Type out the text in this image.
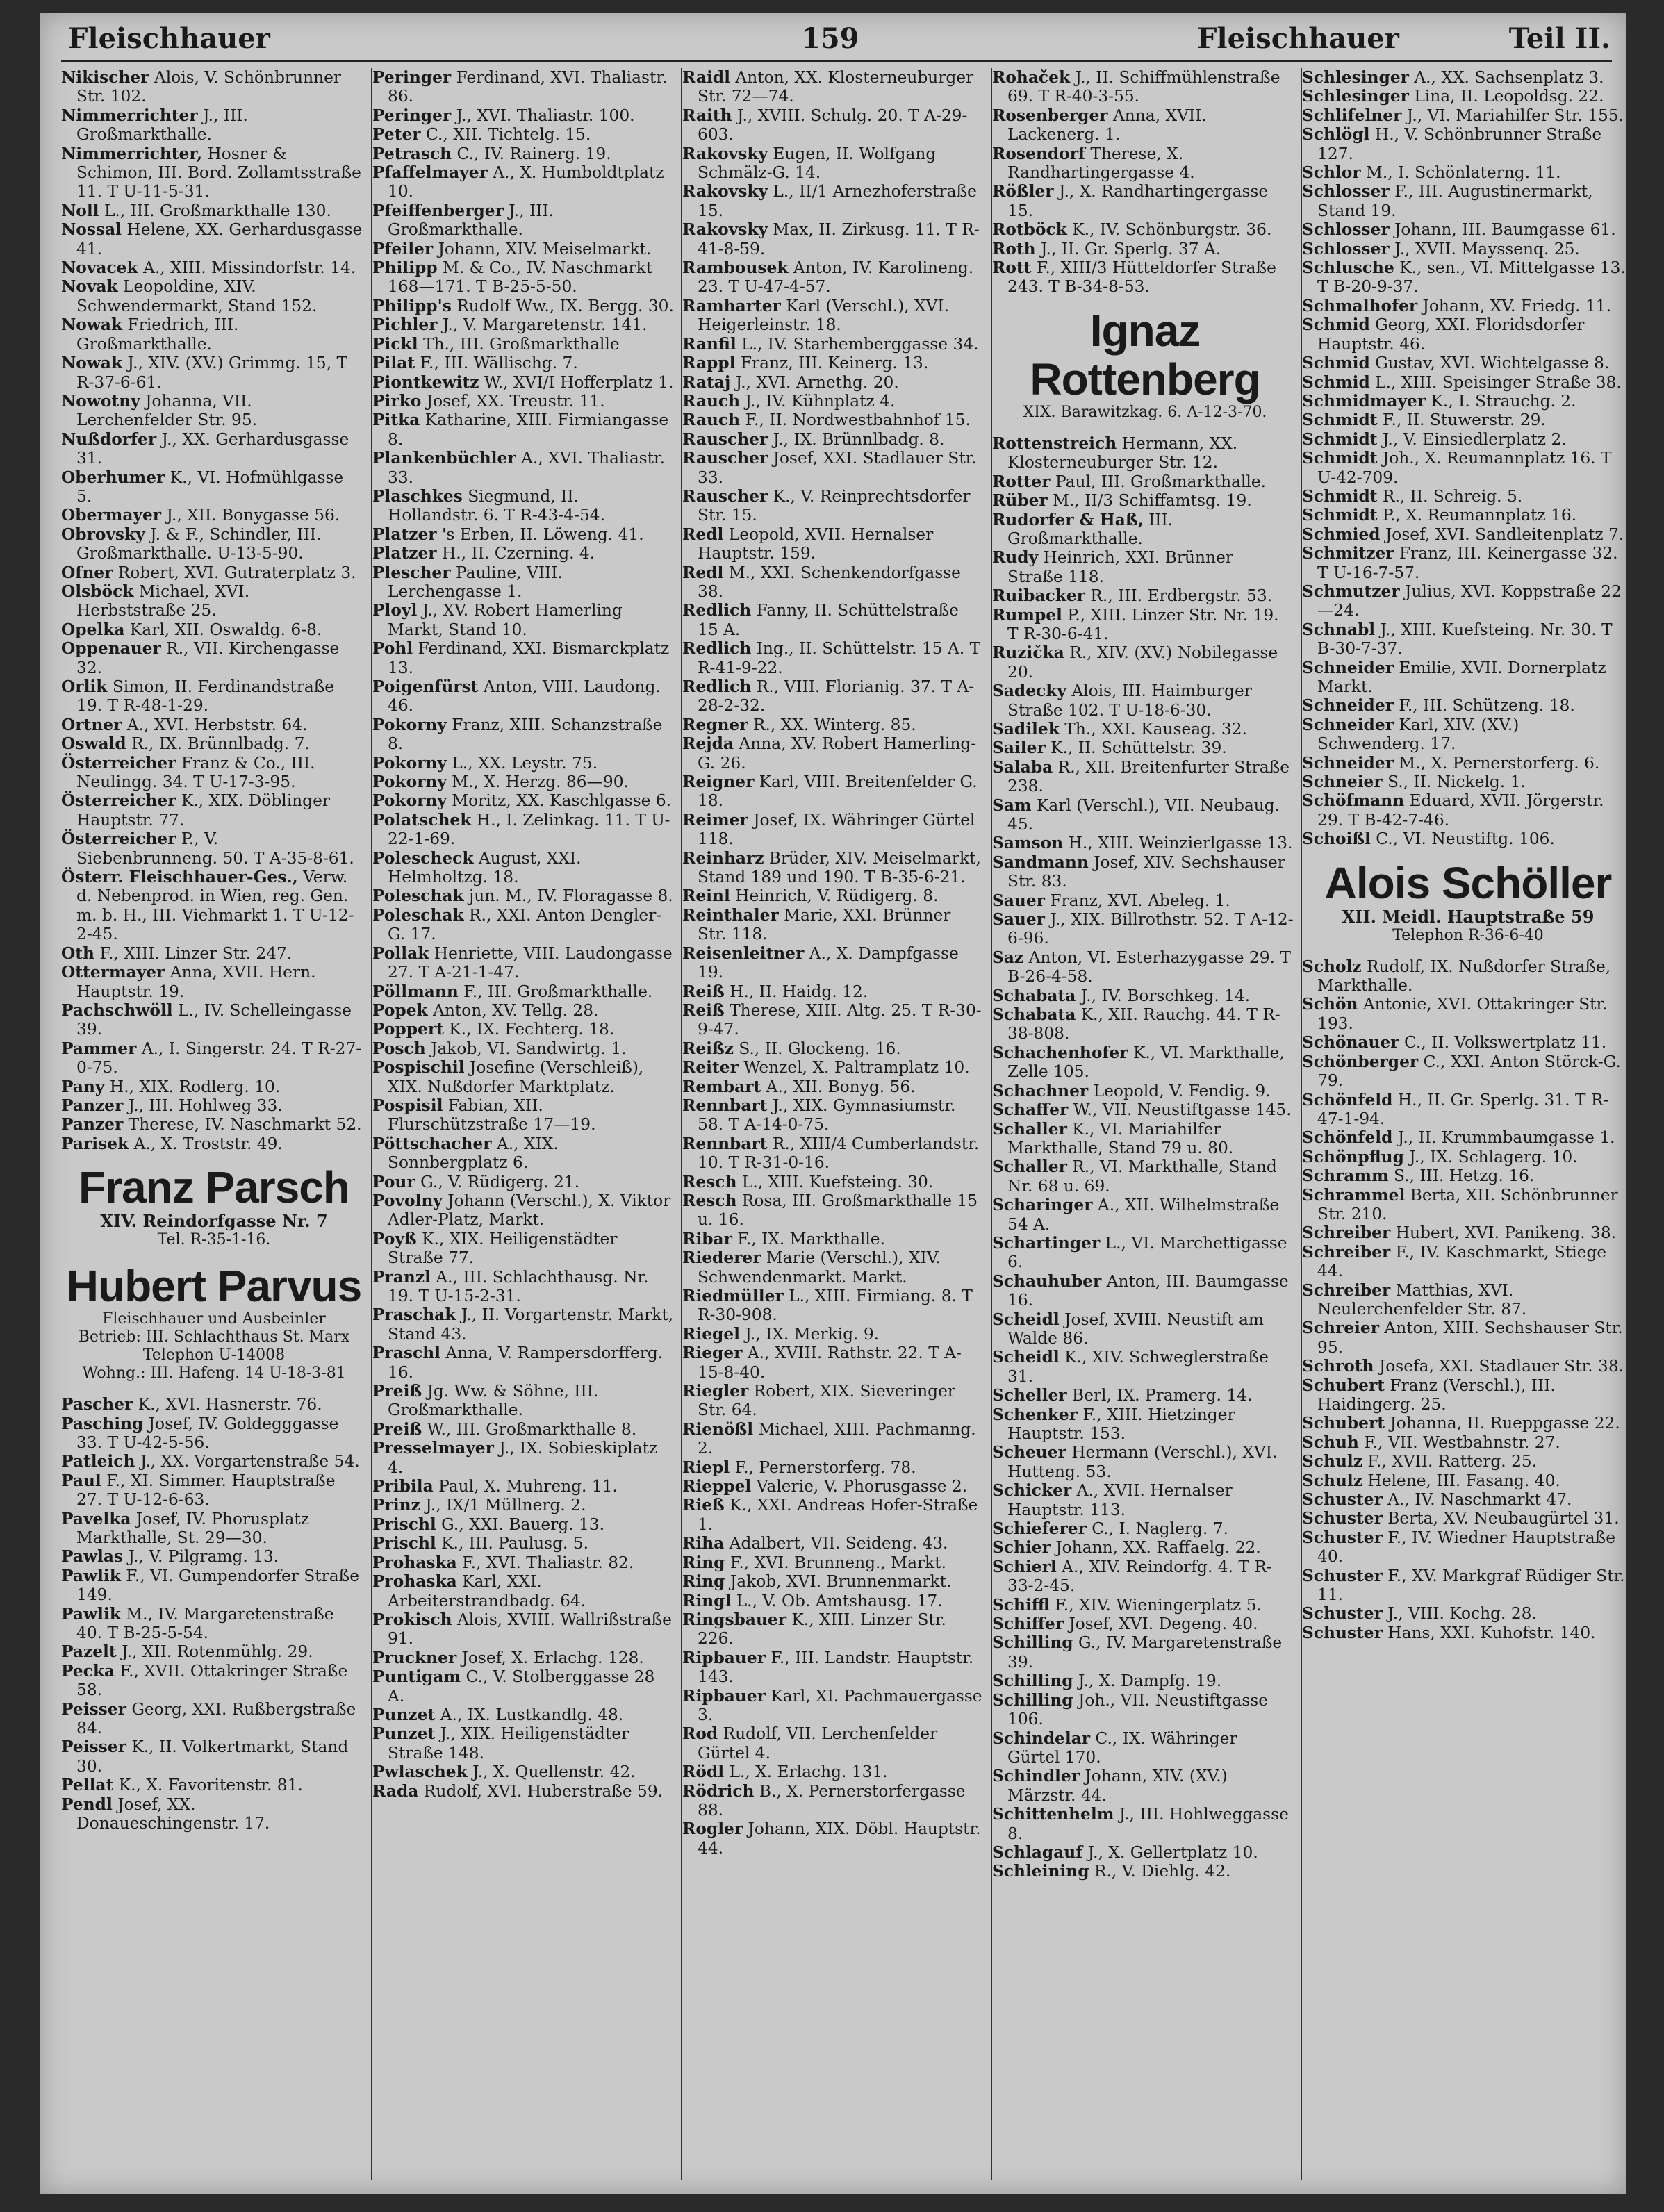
Fleischhauer	159	Fleischhauer	Teil II.

Nikischer Alois, V. Schönbrunner Str. 102.

Nimmerrichter J., III. Großmarkthalle.

Nimmerrichter, Hosner & Schimon, III. Bord. Zollamtsstraße 11. T U-11-5-31.

Noll L., III. Großmarkthalle 130.

Nossal Helene, XX. Gerhardusgasse 41.

Novacek A., XIII. Missindorfstr. 14.

Novak Leopoldine, XIV. Schwendermarkt, Stand 152.

Nowak Friedrich, III. Großmarkthalle.

Nowak J., XIV. (XV.) Grimmg. 15, T R-37-6-61.

Nowotny Johanna, VII. Lerchenfelder Str. 95.

Nußdorfer J., XX. Gerhardusgasse 31.

Oberhumer K., VI. Hofmühlgasse 5.

Obermayer J., XII. Bonygasse 56.

Obrovsky J. & F., Schindler, III. Großmarkthalle. U-13-5-90.

Ofner Robert, XVI. Gutraterplatz 3.

Olsböck Michael, XVI. Herbststraße 25.

Opelka Karl, XII. Oswaldg. 6-8.

Oppenauer R., VII. Kirchengasse 32.

Orlik Simon, II. Ferdinandstraße 19. T R-48-1-29.

Ortner A., XVI. Herbststr. 64.

Oswald R., IX. Brünnlbadg. 7.

Österreicher Franz & Co., III. Neulingg. 34. T U-17-3-95.

Österreicher K., XIX. Döblinger Hauptstr. 77.

Österreicher P., V. Siebenbrunneng. 50. T A-35-8-61.

Österr. Fleischhauer-Ges., Verw. d. Nebenprod. in Wien, reg. Gen. m. b. H., III. Viehmarkt 1. T U-12-2-45.

Oth F., XIII. Linzer Str. 247.

Ottermayer Anna, XVII. Hern. Hauptstr. 19.

Pachschwöll L., IV. Schelleingasse 39.

Pammer A., I. Singerstr. 24. T R-27-0-75.

Pany H., XIX. Rodlerg. 10.

Panzer J., III. Hohlweg 33.

Panzer Therese, IV. Naschmarkt 52.

Parisek A., X. Troststr. 49.

Franz Parsch
XIV. Reindorfgasse Nr. 7
Tel. R-35-1-16.
Hubert Parvus
Fleischhauer und Ausbeinler
Betrieb: III. Schlachthaus St. Marx
Telephon U-14008
Wohng.: III. Hafeng. 14 U-18-3-81

Pascher K., XVI. Hasnerstr. 76.

Pasching Josef, IV. Goldegggasse 33. T U-42-5-56.

Patleich J., XX. Vorgartenstraße 54.

Paul F., XI. Simmer. Hauptstraße 27. T U-12-6-63.

Pavelka Josef, IV. Phorusplatz Markthalle, St. 29—30.

Pawlas J., V. Pilgramg. 13.

Pawlik F., VI. Gumpendorfer Straße 149.

Pawlik M., IV. Margaretenstraße 40. T B-25-5-54.

Pazelt J., XII. Rotenmühlg. 29.

Pecka F., XVII. Ottakringer Straße 58.

Peisser Georg, XXI. Rußbergstraße 84.

Peisser K., II. Volkertmarkt, Stand 30.

Pellat K., X. Favoritenstr. 81.

Pendl Josef, XX. Donaueschingenstr. 17.

Peringer Ferdinand, XVI. Thaliastr. 86.

Peringer J., XVI. Thaliastr. 100.

Peter C., XII. Tichtelg. 15.

Petrasch C., IV. Rainerg. 19.

Pfaffelmayer A., X. Humboldtplatz 10.

Pfeiffenberger J., III. Großmarkthalle.

Pfeiler Johann, XIV. Meiselmarkt.

Philipp M. & Co., IV. Naschmarkt 168—171. T B-25-5-50.

Philipp's Rudolf Ww., IX. Bergg. 30.

Pichler J., V. Margaretenstr. 141.

Pickl Th., III. Großmarkthalle

Pilat F., III. Wällischg. 7.

Piontkewitz W., XVI/I Hofferplatz 1.

Pirko Josef, XX. Treustr. 11.

Pitka Katharine, XIII. Firmiangasse 8.

Plankenbüchler A., XVI. Thaliastr. 33.

Plaschkes Siegmund, II. Hollandstr. 6. T R-43-4-54.

Platzer 's Erben, II. Löweng. 41.

Platzer H., II. Czerning. 4.

Plescher Pauline, VIII. Lerchengasse 1.

Ployl J., XV. Robert Hamerling Markt, Stand 10.

Pohl Ferdinand, XXI. Bismarckplatz 13.

Poigenfürst Anton, VIII. Laudong. 46.

Pokorny Franz, XIII. Schanzstraße 8.

Pokorny L., XX. Leystr. 75.

Pokorny M., X. Herzg. 86—90.

Pokorny Moritz, XX. Kaschlgasse 6.

Polatschek H., I. Zelinkag. 11. T U-22-1-69.

Polescheck August, XXI. Helmholtzg. 18.

Poleschak jun. M., IV. Floragasse 8.

Poleschak R., XXI. Anton Dengler-G. 17.

Pollak Henriette, VIII. Laudongasse 27. T A-21-1-47.

Pöllmann F., III. Großmarkthalle.

Popek Anton, XV. Tellg. 28.

Poppert K., IX. Fechterg. 18.

Posch Jakob, VI. Sandwirtg. 1.

Pospischil Josefine (Verschleiß), XIX. Nußdorfer Marktplatz.

Pospisil Fabian, XII. Flurschützstraße 17—19.

Pöttschacher A., XIX. Sonnbergplatz 6.

Pour G., V. Rüdigerg. 21.

Povolny Johann (Verschl.), X. Viktor Adler-Platz, Markt.

Poyß K., XIX. Heiligenstädter Straße 77.

Pranzl A., III. Schlachthausg. Nr. 19. T U-15-2-31.

Praschak J., II. Vorgartenstr. Markt, Stand 43.

Praschl Anna, V. Rampersdorfferg. 16.

Preiß Jg. Ww. & Söhne, III. Großmarkthalle.

Preiß W., III. Großmarkthalle 8.

Presselmayer J., IX. Sobieskiplatz 4.

Pribila Paul, X. Muhreng. 11.

Prinz J., IX/1 Müllnerg. 2.

Prischl G., XXI. Bauerg. 13.

Prischl K., III. Paulusg. 5.

Prohaska F., XVI. Thaliastr. 82.

Prohaska Karl, XXI. Arbeiterstrandbadg. 64.

Prokisch Alois, XVIII. Wallrißstraße 91.

Pruckner Josef, X. Erlachg. 128.

Puntigam C., V. Stolberggasse 28 A.

Punzet A., IX. Lustkandlg. 48.

Punzet J., XIX. Heiligenstädter Straße 148.

Pwlaschek J., X. Quellenstr. 42.

Rada Rudolf, XVI. Huberstraße 59.

Raidl Anton, XX. Klosterneuburger Str. 72—74.

Raith J., XVIII. Schulg. 20. T A-29-603.

Rakovsky Eugen, II. Wolfgang Schmälz-G. 14.

Rakovsky L., II/1 Arnezhoferstraße 15.

Rakovsky Max, II. Zirkusg. 11. T R-41-8-59.

Rambousek Anton, IV. Karolineng. 23. T U-47-4-57.

Ramharter Karl (Verschl.), XVI. Heigerleinstr. 18.

Ranfil L., IV. Starhemberggasse 34.

Rappl Franz, III. Keinerg. 13.

Rataj J., XVI. Arnethg. 20.

Rauch J., IV. Kühnplatz 4.

Rauch F., II. Nordwestbahnhof 15.

Rauscher J., IX. Brünnlbadg. 8.

Rauscher Josef, XXI. Stadlauer Str. 33.

Rauscher K., V. Reinprechtsdorfer Str. 15.

Redl Leopold, XVII. Hernalser Hauptstr. 159.

Redl M., XXI. Schenkendorfgasse 38.

Redlich Fanny, II. Schüttelstraße 15 A.

Redlich Ing., II. Schüttelstr. 15 A. T R-41-9-22.

Redlich R., VIII. Florianig. 37. T A-28-2-32.

Regner R., XX. Winterg. 85.

Rejda Anna, XV. Robert Hamerling-G. 26.

Reigner Karl, VIII. Breitenfelder G. 18.

Reimer Josef, IX. Währinger Gürtel 118.

Reinharz Brüder, XIV. Meiselmarkt, Stand 189 und 190. T B-35-6-21.

Reinl Heinrich, V. Rüdigerg. 8.

Reinthaler Marie, XXI. Brünner Str. 118.

Reisenleitner A., X. Dampfgasse 19.

Reiß H., II. Haidg. 12.

Reiß Therese, XIII. Altg. 25. T R-30-9-47.

Reißz S., II. Glockeng. 16.

Reiter Wenzel, X. Paltramplatz 10.

Rembart A., XII. Bonyg. 56.

Rennbart J., XIX. Gymnasiumstr. 58. T A-14-0-75.

Rennbart R., XIII/4 Cumberlandstr. 10. T R-31-0-16.

Resch L., XIII. Kuefsteing. 30.

Resch Rosa, III. Großmarkthalle 15 u. 16.

Ribar F., IX. Markthalle.

Riederer Marie (Verschl.), XIV. Schwendenmarkt. Markt.

Riedmüller L., XIII. Firmiang. 8. T R-30-908.

Riegel J., IX. Merkig. 9.

Rieger A., XVIII. Rathstr. 22. T A-15-8-40.

Riegler Robert, XIX. Sieveringer Str. 64.

Rienößl Michael, XIII. Pachmanng. 2.

Riepl F., Pernerstorferg. 78.

Rieppel Valerie, V. Phorusgasse 2.

Rieß K., XXI. Andreas Hofer-Straße 1.

Riha Adalbert, VII. Seideng. 43.

Ring F., XVI. Brunneng., Markt.

Ring Jakob, XVI. Brunnenmarkt.

Ringl L., V. Ob. Amtshausg. 17.

Ringsbauer K., XIII. Linzer Str. 226.

Ripbauer F., III. Landstr. Hauptstr. 143.

Ripbauer Karl, XI. Pachmauergasse 3.

Rod Rudolf, VII. Lerchenfelder Gürtel 4.

Rödl L., X. Erlachg. 131.

Rödrich B., X. Pernerstorfergasse 88.

Rogler Johann, XIX. Döbl. Hauptstr. 44.

Rohaček J., II. Schiffmühlenstraße 69. T R-40-3-55.

Rosenberger Anna, XVII. Lackenerg. 1.

Rosendorf Therese, X. Randhartingergasse 4.

Rößler J., X. Randhartingergasse 15.

Rotböck K., IV. Schönburgstr. 36.

Roth J., II. Gr. Sperlg. 37 A.

Rott F., XIII/3 Hütteldorfer Straße 243. T B-34-8-53.

Ignaz Rottenberg
XIX. Barawitzkag. 6. A-12-3-70.

Rottenstreich Hermann, XX. Klosterneuburger Str. 12.

Rotter Paul, III. Großmarkthalle.

Rüber M., II/3 Schiffamtsg. 19.

Rudorfer & Haß, III. Großmarkthalle.

Rudy Heinrich, XXI. Brünner Straße 118.

Ruibacker R., III. Erdbergstr. 53.

Rumpel P., XIII. Linzer Str. Nr. 19. T R-30-6-41.

Ruzička R., XIV. (XV.) Nobilegasse 20.

Sadecky Alois, III. Haimburger Straße 102. T U-18-6-30.

Sadilek Th., XXI. Kauseag. 32.

Sailer K., II. Schüttelstr. 39.

Salaba R., XII. Breitenfurter Straße 238.

Sam Karl (Verschl.), VII. Neubaug. 45.

Samson H., XIII. Weinzierlgasse 13.

Sandmann Josef, XIV. Sechshauser Str. 83.

Sauer Franz, XVI. Abeleg. 1.

Sauer J., XIX. Billrothstr. 52. T A-12-6-96.

Saz Anton, VI. Esterhazygasse 29. T B-26-4-58.

Schabata J., IV. Borschkeg. 14.

Schabata K., XII. Rauchg. 44. T R-38-808.

Schachenhofer K., VI. Markthalle, Zelle 105.

Schachner Leopold, V. Fendig. 9.

Schaffer W., VII. Neustiftgasse 145.

Schaller K., VI. Mariahilfer Markthalle, Stand 79 u. 80.

Schaller R., VI. Markthalle, Stand Nr. 68 u. 69.

Scharinger A., XII. Wilhelmstraße 54 A.

Schartinger L., VI. Marchettigasse 6.

Schauhuber Anton, III. Baumgasse 16.

Scheidl Josef, XVIII. Neustift am Walde 86.

Scheidl K., XIV. Schweglerstraße 31.

Scheller Berl, IX. Pramerg. 14.

Schenker F., XIII. Hietzinger Hauptstr. 153.

Scheuer Hermann (Verschl.), XVI. Hutteng. 53.

Schicker A., XVII. Hernalser Hauptstr. 113.

Schieferer C., I. Naglerg. 7.

Schier Johann, XX. Raffaelg. 22.

Schierl A., XIV. Reindorfg. 4. T R-33-2-45.

Schiffl F., XIV. Wieningerplatz 5.

Schiffer Josef, XVI. Degeng. 40.

Schilling G., IV. Margaretenstraße 39.

Schilling J., X. Dampfg. 19.

Schilling Joh., VII. Neustiftgasse 106.

Schindelar C., IX. Währinger Gürtel 170.

Schindler Johann, XIV. (XV.) Märzstr. 44.

Schittenhelm J., III. Hohlweggasse 8.

Schlagauf J., X. Gellertplatz 10.

Schleining R., V. Diehlg. 42.

Schlesinger A., XX. Sachsenplatz 3.

Schlesinger Lina, II. Leopoldsg. 22.

Schlifelner J., VI. Mariahilfer Str. 155.

Schlögl H., V. Schönbrunner Straße 127.

Schlor M., I. Schönlaterng. 11.

Schlosser F., III. Augustinermarkt, Stand 19.

Schlosser Johann, III. Baumgasse 61.

Schlosser J., XVII. Mayssenq. 25.

Schlusche K., sen., VI. Mittelgasse 13. T B-20-9-37.

Schmalhofer Johann, XV. Friedg. 11.

Schmid Georg, XXI. Floridsdorfer Hauptstr. 46.

Schmid Gustav, XVI. Wichtelgasse 8.

Schmid L., XIII. Speisinger Straße 38.

Schmidmayer K., I. Strauchg. 2.

Schmidt F., II. Stuwerstr. 29.

Schmidt J., V. Einsiedlerplatz 2.

Schmidt Joh., X. Reumannplatz 16. T U-42-709.

Schmidt R., II. Schreig. 5.

Schmidt P., X. Reumannplatz 16.

Schmied Josef, XVI. Sandleitenplatz 7.

Schmitzer Franz, III. Keinergasse 32. T U-16-7-57.

Schmutzer Julius, XVI. Koppstraße 22—24.

Schnabl J., XIII. Kuefsteing. Nr. 30. T B-30-7-37.

Schneider Emilie, XVII. Dornerplatz Markt.

Schneider F., III. Schützeng. 18.

Schneider Karl, XIV. (XV.) Schwenderg. 17.

Schneider M., X. Pernerstorferg. 6.

Schneier S., II. Nickelg. 1.

Schöfmann Eduard, XVII. Jörgerstr. 29. T B-42-7-46.

Schoißl C., VI. Neustiftg. 106.

Alois Schöller
XII. Meidl. Hauptstraße 59
Telephon R-36-6-40

Scholz Rudolf, IX. Nußdorfer Straße, Markthalle.

Schön Antonie, XVI. Ottakringer Str. 193.

Schönauer C., II. Volkswertplatz 11.

Schönberger C., XXI. Anton Störck-G. 79.

Schönfeld H., II. Gr. Sperlg. 31. T R-47-1-94.

Schönfeld J., II. Krummbaumgasse 1.

Schönpflug J., IX. Schlagerg. 10.

Schramm S., III. Hetzg. 16.

Schrammel Berta, XII. Schönbrunner Str. 210.

Schreiber Hubert, XVI. Panikeng. 38.

Schreiber F., IV. Kaschmarkt, Stiege 44.

Schreiber Matthias, XVI. Neulerchenfelder Str. 87.

Schreier Anton, XIII. Sechshauser Str. 95.

Schroth Josefa, XXI. Stadlauer Str. 38.

Schubert Franz (Verschl.), III. Haidingerg. 25.

Schubert Johanna, II. Rueppgasse 22.

Schuh F., VII. Westbahnstr. 27.

Schulz F., XVII. Ratterg. 25.

Schulz Helene, III. Fasang. 40.

Schuster A., IV. Naschmarkt 47.

Schuster Berta, XV. Neubaugürtel 31.

Schuster F., IV. Wiedner Hauptstraße 40.

Schuster F., XV. Markgraf Rüdiger Str. 11.

Schuster J., VIII. Kochg. 28.

Schuster Hans, XXI. Kuhofstr. 140.
